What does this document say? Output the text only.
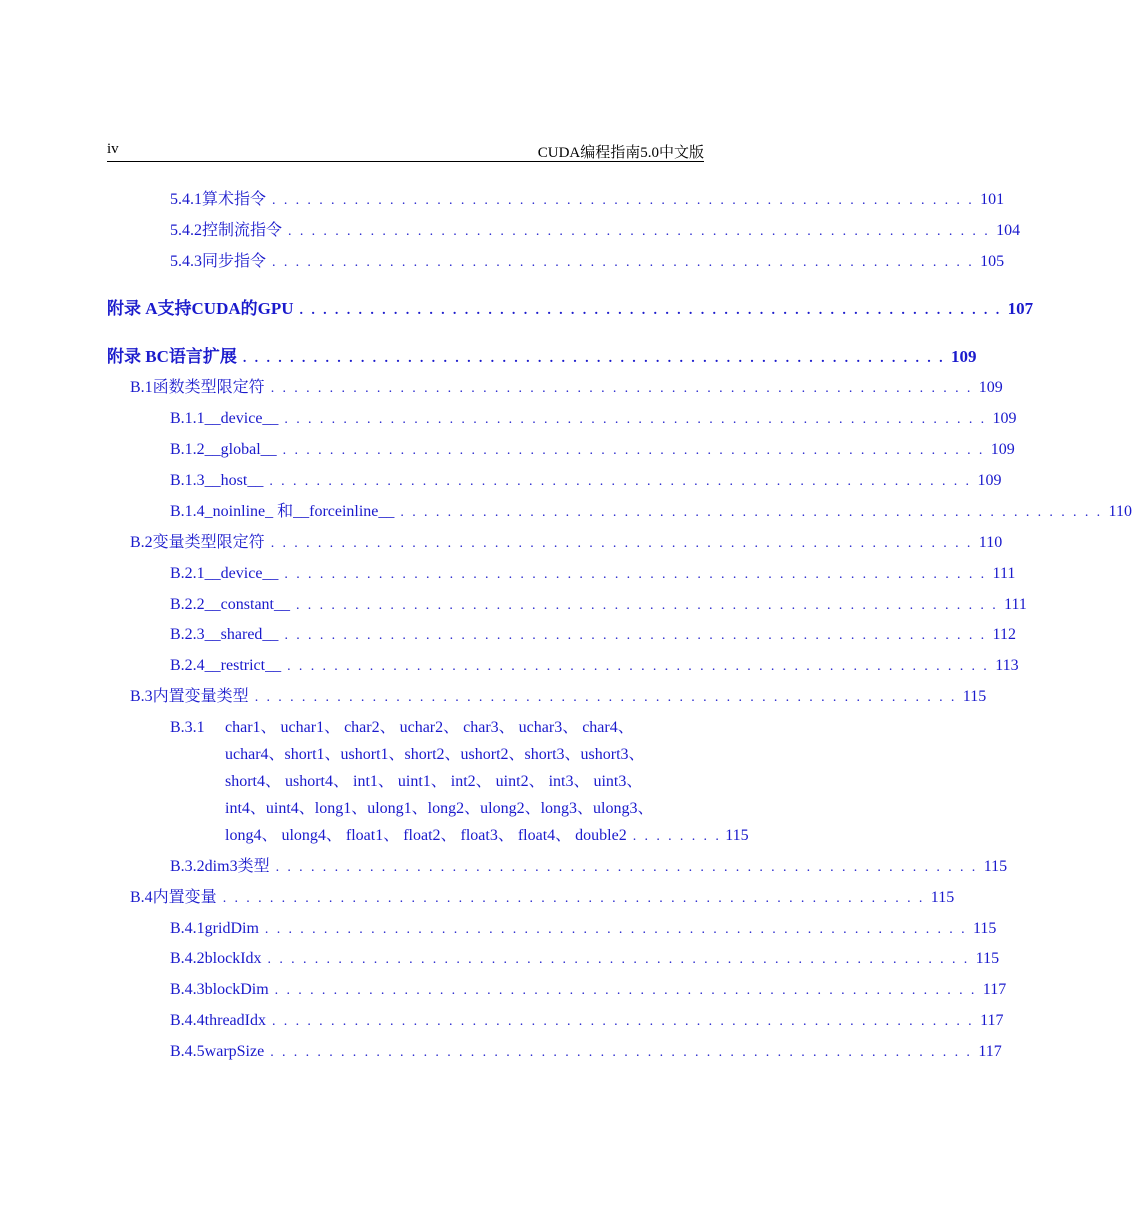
iv	CUDA编程指南5.0中文版
5.4.1 算术指令 . . . . . . . . . . . . . . . . . . . . . . . . . . . . . . . . . . . . . . . . . . . . . . . . . . . . . . . . . . . . 101
5.4.2 控制流指令 . . . . . . . . . . . . . . . . . . . . . . . . . . . . . . . . . . . . . . . . . . . . . . . . . . . . . . . . . . . . 104
5.4.3 同步指令 . . . . . . . . . . . . . . . . . . . . . . . . . . . . . . . . . . . . . . . . . . . . . . . . . . . . . . . . . . . . 105
附录 A 支持CUDA的GPU . . . . . . . . . . . . . . . . . . . . . . . . . . . . . . . . . . . . . . . . . . . . . . . . . . . . . . . . . . . . 107
附录 B C语言扩展 . . . . . . . . . . . . . . . . . . . . . . . . . . . . . . . . . . . . . . . . . . . . . . . . . . . . . . . . . . . . 109
B.1 函数类型限定符 . . . . . . . . . . . . . . . . . . . . . . . . . . . . . . . . . . . . . . . . . . . . . . . . . . . . . . . . . . . . 109
B.1.1 __device__ . . . . . . . . . . . . . . . . . . . . . . . . . . . . . . . . . . . . . . . . . . . . . . . . . . . . . . . . . . . . 109
B.1.2 __global__ . . . . . . . . . . . . . . . . . . . . . . . . . . . . . . . . . . . . . . . . . . . . . . . . . . . . . . . . . . . . 109
B.1.3 __host__ . . . . . . . . . . . . . . . . . . . . . . . . . . . . . . . . . . . . . . . . . . . . . . . . . . . . . . . . . . . . 109
B.1.4 _noinline_ 和__forceinline__ . . . . . . . . . . . . . . . . . . . . . . . . . . . . . . . . . . . . . . . . . . . . . . . . . . . . . . . . . . . . 110
B.2 变量类型限定符 . . . . . . . . . . . . . . . . . . . . . . . . . . . . . . . . . . . . . . . . . . . . . . . . . . . . . . . . . . . . 110
B.2.1 __device__ . . . . . . . . . . . . . . . . . . . . . . . . . . . . . . . . . . . . . . . . . . . . . . . . . . . . . . . . . . . . 111
B.2.2 __constant__ . . . . . . . . . . . . . . . . . . . . . . . . . . . . . . . . . . . . . . . . . . . . . . . . . . . . . . . . . . . . 111
B.2.3 __shared__ . . . . . . . . . . . . . . . . . . . . . . . . . . . . . . . . . . . . . . . . . . . . . . . . . . . . . . . . . . . . 112
B.2.4 __restrict__ . . . . . . . . . . . . . . . . . . . . . . . . . . . . . . . . . . . . . . . . . . . . . . . . . . . . . . . . . . . . 113
B.3 内置变量类型 . . . . . . . . . . . . . . . . . . . . . . . . . . . . . . . . . . . . . . . . . . . . . . . . . . . . . . . . . . . . 115
B.3.1 char1、 uchar1、 char2、 uchar2、 char3、 uchar3、 char4、
uchar4、short1、ushort1、short2、ushort2、short3、ushort3、
short4、 ushort4、 int1、 uint1、 int2、 uint2、 int3、 uint3、
int4、uint4、long1、ulong1、long2、ulong2、long3、ulong3、
long4、 ulong4、 float1、 float2、 float3、 float4、 double2 . . . . . . . . 115
B.3.2 dim3类型 . . . . . . . . . . . . . . . . . . . . . . . . . . . . . . . . . . . . . . . . . . . . . . . . . . . . . . . . . . . . 115
B.4 内置变量 . . . . . . . . . . . . . . . . . . . . . . . . . . . . . . . . . . . . . . . . . . . . . . . . . . . . . . . . . . . . 115
B.4.1 gridDim . . . . . . . . . . . . . . . . . . . . . . . . . . . . . . . . . . . . . . . . . . . . . . . . . . . . . . . . . . . . 115
B.4.2 blockIdx . . . . . . . . . . . . . . . . . . . . . . . . . . . . . . . . . . . . . . . . . . . . . . . . . . . . . . . . . . . . 115
B.4.3 blockDim . . . . . . . . . . . . . . . . . . . . . . . . . . . . . . . . . . . . . . . . . . . . . . . . . . . . . . . . . . . . 117
B.4.4 threadIdx . . . . . . . . . . . . . . . . . . . . . . . . . . . . . . . . . . . . . . . . . . . . . . . . . . . . . . . . . . . . 117
B.4.5 warpSize . . . . . . . . . . . . . . . . . . . . . . . . . . . . . . . . . . . . . . . . . . . . . . . . . . . . . . . . . . . . 117
